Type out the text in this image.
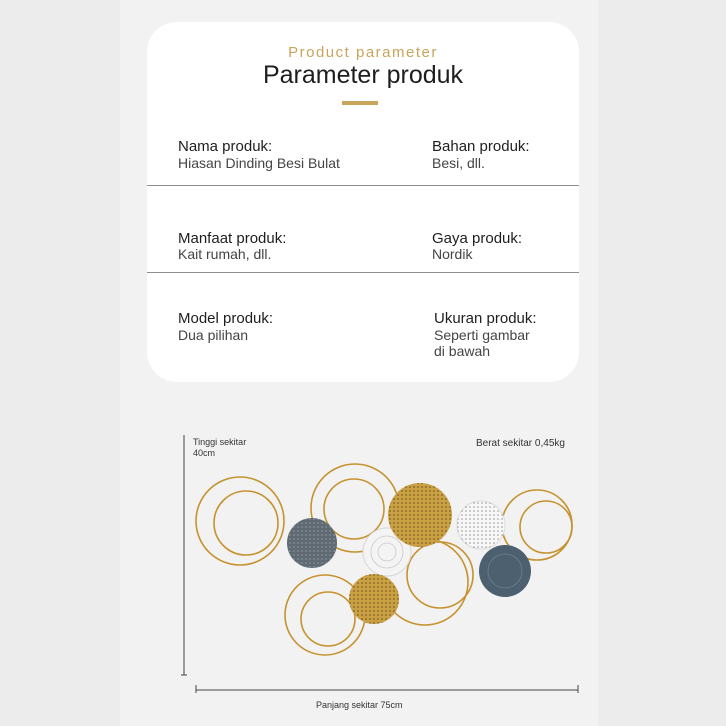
Product parameter
Parameter produk
Nama produk:
Hiasan Dinding Besi Bulat
Bahan produk:
Besi, dll.
Manfaat produk:
Kait rumah, dll.
Gaya produk:
Nordik
Model produk:
Dua pilihan
Ukuran produk:
Seperti gambar
di bawah
Tinggi sekitar
40cm
Berat sekitar 0,45kg
Panjang sekitar 75cm
